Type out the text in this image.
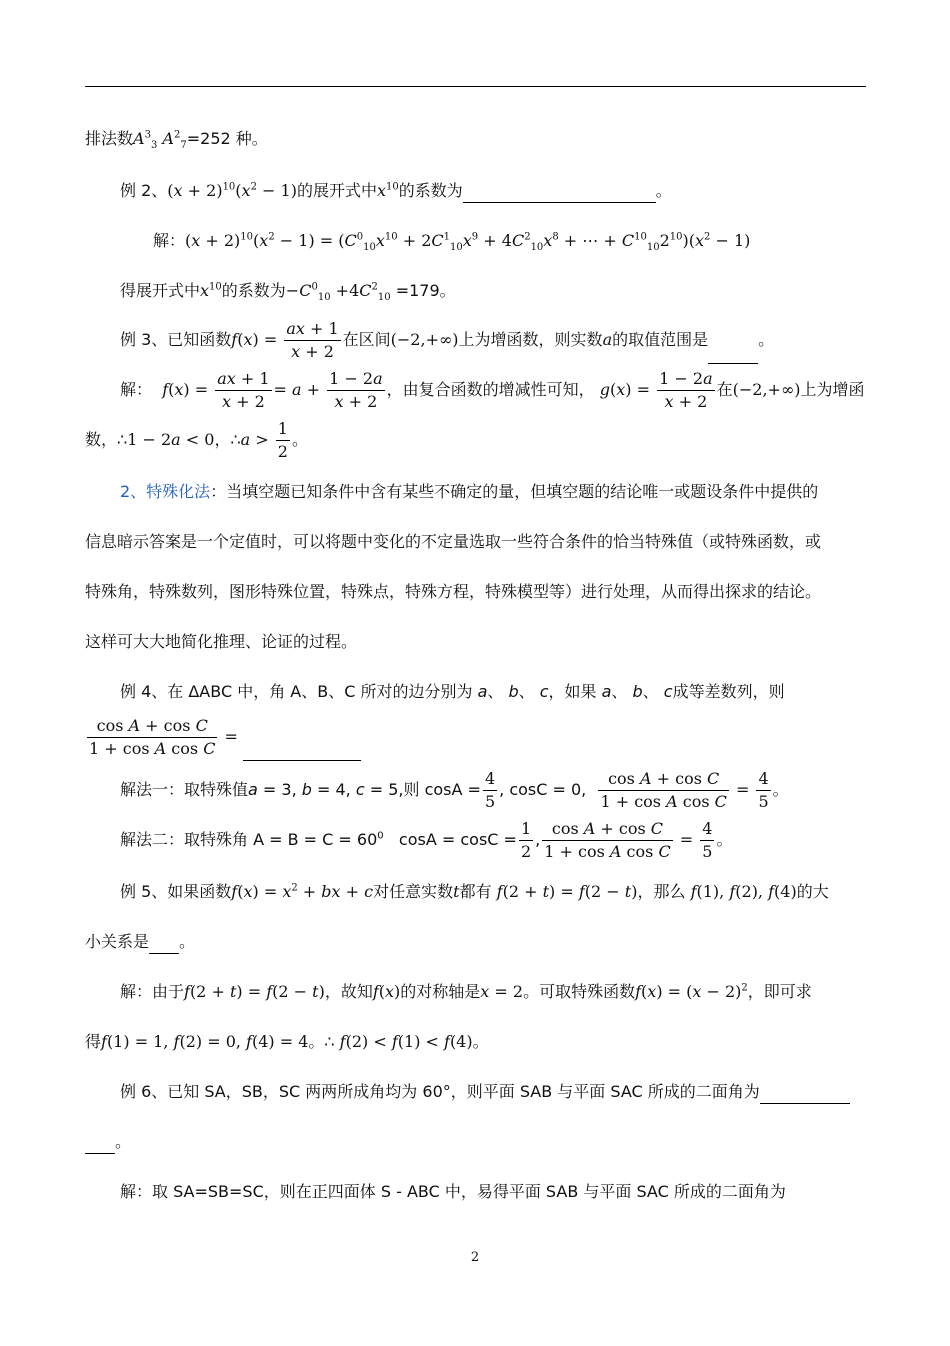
排法数$A^3_3$ $A^2_7=252$ 种。
例 2、$(x + 2)^{10}(x^2 - 1)$的展开式中$x^{10}$的系数为	。
解：$(x + 2)^{10}(x^2 - 1) = (C^0_{10}x^{10} + 2C^1_{10}x^9 + 4C^2_{10}x^8$ + ⋯ + $C^{10}_{10}2^{10})(x^2 - 1)$
得展开式中$x^{10}$的系数为$-C^0_{10} +4C^2_{10} =179$。
例 3、已知函数$f(x) = \frac{ax + 1}{x + 2}$ 在区间(−2,+∞)上为增函数，则实数a的取值范围是	。
解： $f(x) = \frac{ax + 1}{x + 2} = a + \frac{1 - 2a}{x + 2}$ ，由复合函数的增减性可知， $g(x) = \frac{1 - 2a}{x + 2}$ 在(−2,+∞)上为增函
数，∴1 − 2a < 0，∴a > $\frac{1}{2}$ 。
2、特殊化法：当填空题已知条件中含有某些不确定的量，但填空题的结论唯一或题设条件中提供的
信息暗示答案是一个定值时，可以将题中变化的不定量选取一些符合条件的恰当特殊值（或特殊函数，或
特殊角，特殊数列，图形特殊位置，特殊点，特殊方程，特殊模型等）进行处理，从而得出探求的结论。
这样可大大地简化推理、论证的过程。
例 4、在 ΔABC 中，角 A、B、C 所对的边分别为 a、 b、 c，如果 a、 b、 c成等差数列，则
$\frac{\text{cos A + cos C}}{\text{1 + cos A cos C}}$ =
解法一：取特殊值a = 3, b = 4, c = 5,则 $\cos A = \frac{4}{5}$ , cosC = 0, $\frac{\text{cos A + cos C}}{\text{1 + cos A cos C}} = \frac{4}{5}$ 。
解法二：取特殊角 $A = B = C = 60^0$ $\cos A = \cos C = \frac{1}{2}$ , $\frac{\text{cos A + cos C}}{\text{1 + cos A cos C}} = \frac{4}{5}$ 。
例 5、如果函数$f(x) = x^2$ + bx + c对任意实数t都有 f(2 + t) = f(2 − t)，那么 f(1), f(2), f(4)的大
小关系是 。
解：由于f(2 + t) = f(2 − t)，故知f(x)的对称轴是x = 2。可取特殊函数$f(x) = (x - 2)^2$，即可求
得f(1) = 1, f(2) = 0, f(4) = 4。∴ f(2) < f(1) < f(4)。
例 6、已知 SA，SB，SC 两两所成角均为 60°，则平面 SAB 与平面 SAC 所成的二面角为
。
解：取 SA=SB=SC，则在正四面体 S - ABC 中，易得平面 SAB 与平面 SAC 所成的二面角为
2
